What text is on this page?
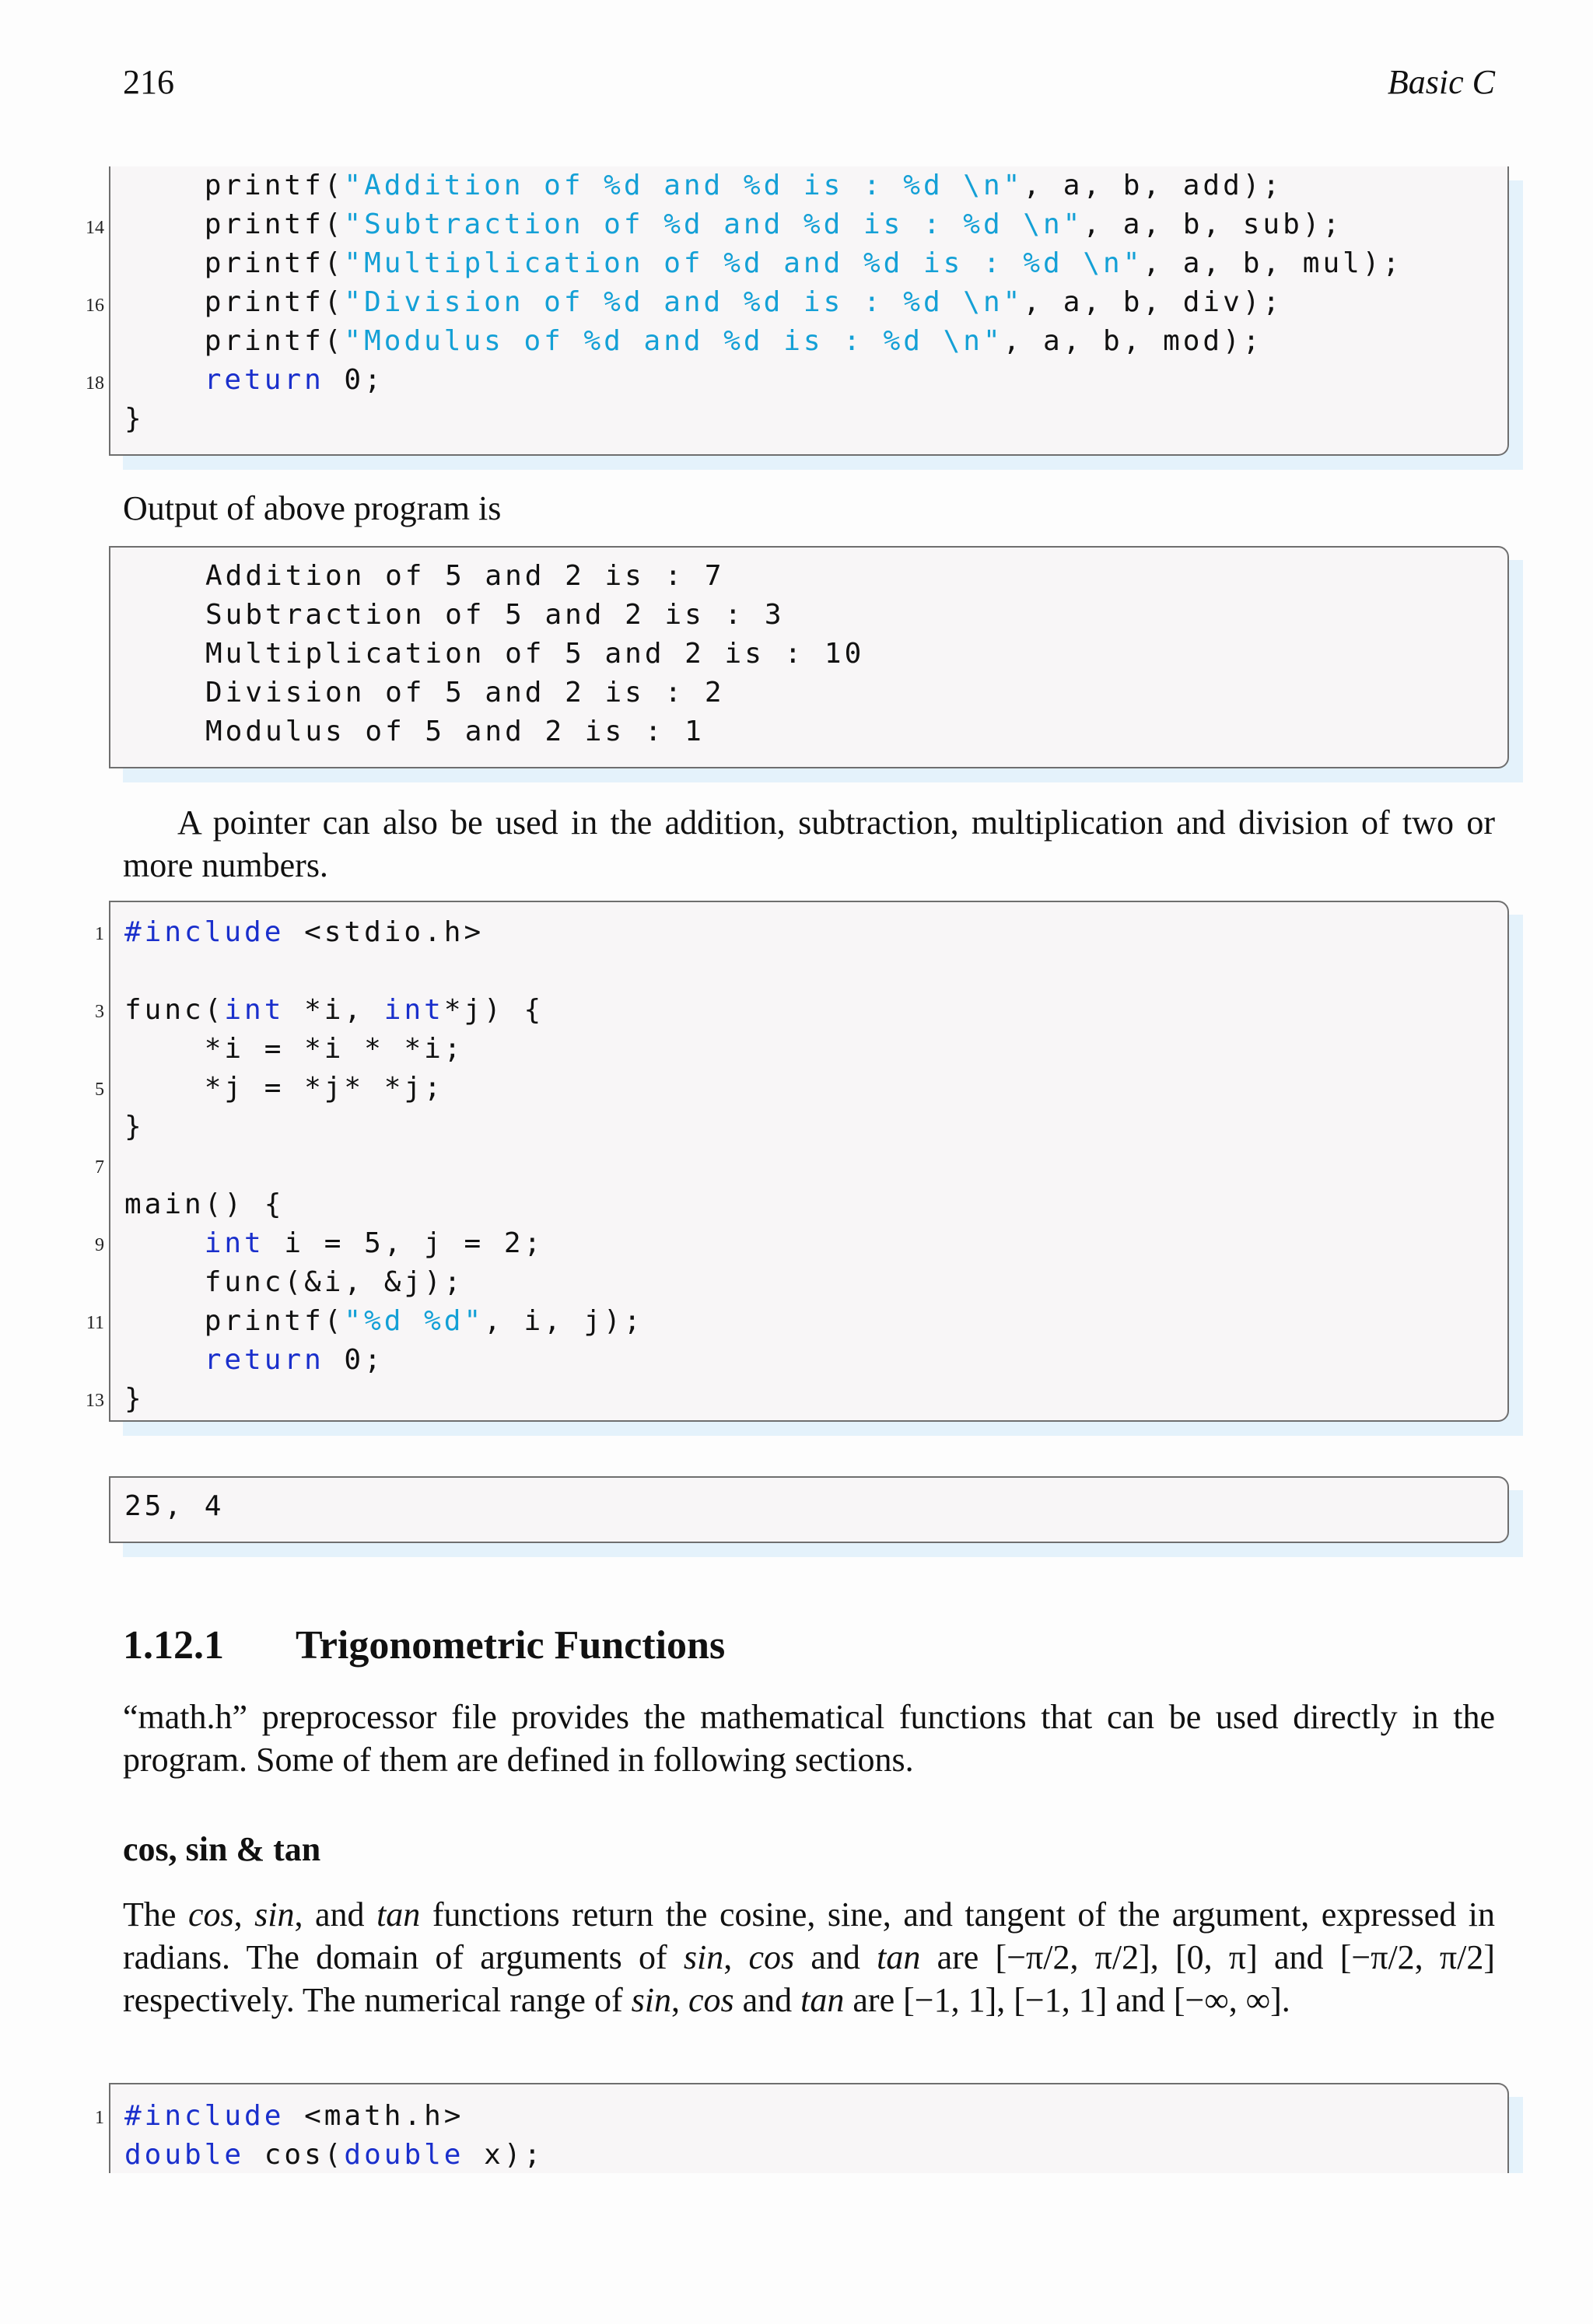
216	Basic C
14
16
18

printf("Addition of %d and %d is : %d \n", a, b, add);

printf("Subtraction of %d and %d is : %d \n", a, b, sub);

printf("Multiplication of %d and %d is : %d \n", a, b, mul);

printf("Division of %d and %d is : %d \n", a, b, div);

printf("Modulus of %d and %d is : %d \n", a, b, mod);

return 0;

}

Output of above program is

Addition of 5 and 2 is : 7

Subtraction of 5 and 2 is : 3

Multiplication of 5 and 2 is : 10

Division of 5 and 2 is : 2

Modulus of 5 and 2 is : 1

A pointer can also be used in the addition, subtraction, multiplication and division of two or more numbers.
1
3
5
7
9
11
13

#include <stdio.h>

func(int *i, int*j) {

*i = *i * *i;

*j = *j* *j;

}

main() {

int i = 5, j = 2;

func(&i, &j);

printf("%d %d", i, j);

return 0;

}

25, 4

1.12.1 Trigonometric Functions
“math.h” preprocessor file provides the mathematical functions that can be used directly in the program. Some of them are defined in following sections.
cos, sin & tan
The cos, sin, and tan functions return the cosine, sine, and tangent of the argument, expressed in radians. The domain of arguments of sin, cos and tan are [−π/2, π/2], [0, π] and [−π/2, π/2] respectively. The numerical range of sin, cos and tan are [−1, 1], [−1, 1] and [−∞, ∞].
1

#include <math.h>

double cos(double x);
